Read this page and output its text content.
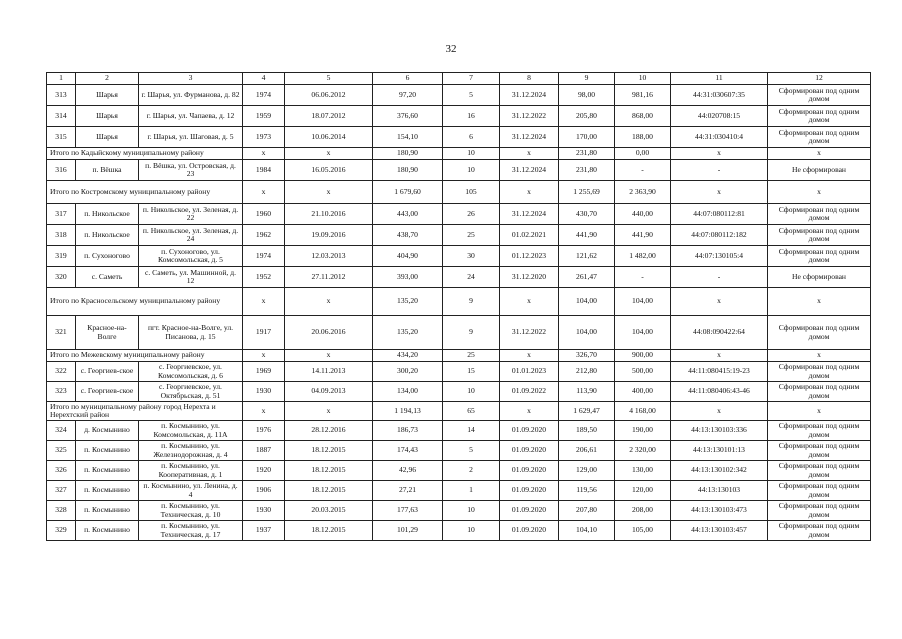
32
1	2	3	4	5	6	7	8	9	10	11	12
313	Шарья	г. Шарья, ул. Фурманова, д. 82	1974	06.06.2012	97,20	5	31.12.2024	98,00	981,16	44:31:030607:35	Сформирован под одним домом
314	Шарья	г. Шарья, ул. Чапаева, д. 12	1959	18.07.2012	376,60	16	31.12.2022	205,80	868,00	44:020708:15	Сформирован под одним домом
315	Шарья	г. Шарья, ул. Шаговая, д. 5	1973	10.06.2014	154,10	6	31.12.2024	170,00	188,00	44:31:030410:4	Сформирован под одним домом
Итого по Кадыйскому муниципальному району			x	x	180,90	10	x	231,80	0,00	x	x
316	п. Вёшка	п. Вёшка, ул. Островская, д. 23	1984	16.05.2016	180,90	10	31.12.2024	231,80	-	-	Не сформирован
Итого по Костромскому муниципальному району			x	x	1 679,60	105	x	1 255,69	2 363,90	x	x
317	п. Никольское	п. Никольское, ул. Зеленая, д. 22	1960	21.10.2016	443,00	26	31.12.2024	430,70	440,00	44:07:080112:81	Сформирован под одним домом
318	п. Никольское	п. Никольское, ул. Зеленая, д. 24	1962	19.09.2016	438,70	25	01.02.2021	441,90	441,90	44:07:080112:182	Сформирован под одним домом
319	п. Сухоногово	п. Сухоногово, ул. Комсомольская, д. 5	1974	12.03.2013	404,90	30	01.12.2023	121,62	1 482,00	44:07:130105:4	Сформирован под одним домом
320	с. Саметь	с. Саметь, ул. Машинной, д. 12	1952	27.11.2012	393,00	24	31.12.2020	261,47	-	-	Не сформирован
Итого по Красносельскому муниципальному району			x	x	135,20	9	x	104,00	104,00	x	x
321	Красное-на-Волге	пгт. Красное-на-Волге, ул. Писанова, д. 15	1917	20.06.2016	135,20	9	31.12.2022	104,00	104,00	44:08:090422:64	Сформирован под одним домом
Итого по Межевскому муниципальному району			x	x	434,20	25	x	326,70	900,00	x	x
322	с. Георгиев-ское	с. Георгиевское, ул. Комсомольская, д. 6	1969	14.11.2013	300,20	15	01.01.2023	212,80	500,00	44:11:080415:19-23	Сформирован под одним домом
323	с. Георгиев-ское	с. Георгиевское, ул. Октябрьская, д. 51	1930	04.09.2013	134,00	10	01.09.2022	113,90	400,00	44:11:080406:43-46	Сформирован под одним домом
Итого по муниципальному району город Нерехта и Нерехтский район			x	x	1 194,13	65	x	1 629,47	4 168,00	x	x
324	д. Космынино	п. Космынино, ул. Комсомольская, д. 11А	1976	28.12.2016	186,73	14	01.09.2020	189,50	190,00	44:13:130103:336	Сформирован под одним домом
325	п. Космынино	п. Космынино, ул. Железнодорожная, д. 4	1887	18.12.2015	174,43	5	01.09.2020	206,61	2 320,00	44:13:130101:13	Сформирован под одним домом
326	п. Космынино	п. Космынино, ул. Кооперативная, д. 1	1920	18.12.2015	42,96	2	01.09.2020	129,00	130,00	44:13:130102:342	Сформирован под одним домом
327	п. Космынино	п. Космынино, ул. Ленина, д. 4	1906	18.12.2015	27,21	1	01.09.2020	119,56	120,00	44:13:130103	Сформирован под одним домом
328	п. Космынино	п. Космынино, ул. Техническая, д. 10	1930	20.03.2015	177,63	10	01.09.2020	207,80	208,00	44:13:130103:473	Сформирован под одним домом
329	п. Космынино	п. Космынино, ул. Техническая, д. 17	1937	18.12.2015	101,29	10	01.09.2020	104,10	105,00	44:13:130103:457	Сформирован под одним домом
